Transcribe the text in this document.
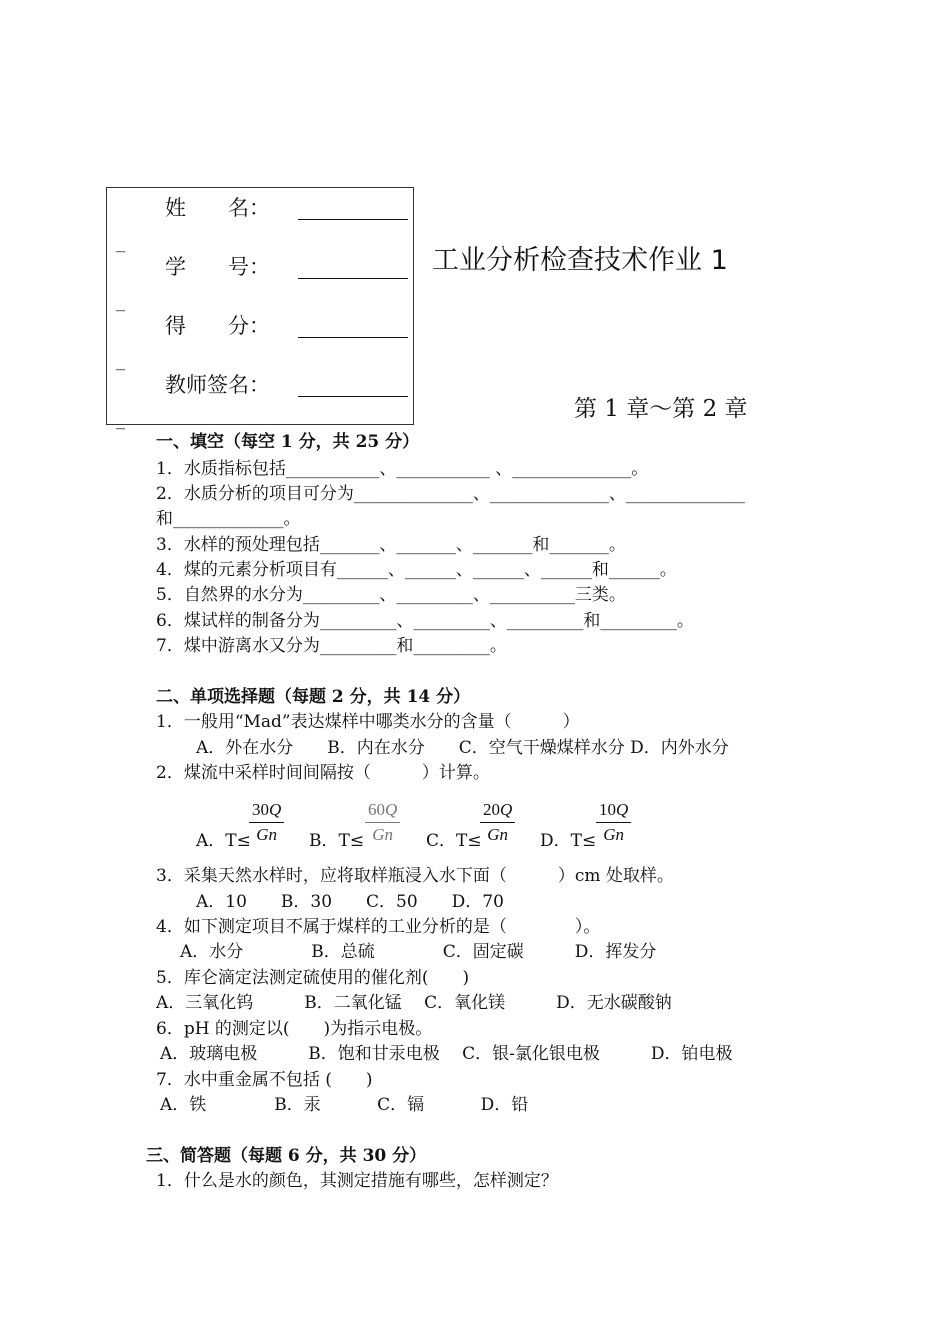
姓　　名：
学　　号：
得　　分：
教师签名：
_
_
_
_
工业分析检查技术作业 1
第 1 章～第 2 章
一、填空（每空 1 分，共 25 分）
1．水质指标包括___________、___________ 、______________。
2．水质分析的项目可分为______________、______________、______________
和_____________。
3．水样的预处理包括_______、_______、_______和_______。
4．煤的元素分析项目有______、______、______、______和______。
5．自然界的水分为_________、_________、__________三类。
6．煤试样的制备分为_________、_________、_________和_________。
7．煤中游离水又分为_________和_________。
二、单项选择题（每题 2 分，共 14 分）
1．一般用“Mad”表达煤样中哪类水分的含量（　　　）
A．外在水分　　B．内在水分　　C．空气干燥煤样水分 D．内外水分
2．煤流中采样时间间隔按（　　　）计算。
A．T≤
$\frac{30Q}{Gn}$ B．$T\le \frac{60Q}{Gn}$ C．T≤
$\frac{20Q}{Gn}$ D．$T\le \frac{10Q}{Gn}$
3．采集天然水样时，应将取样瓶浸入水下面（　　　）cm 处取样。
A．10　　B．30　　C．50　　D．70
4．如下测定项目不属于煤样的工业分析的是（　　　　）。
A．水分　　　　B．总硫　　　　C．固定碳　　　D．挥发分
5．库仑滴定法测定硫使用的催化剂(　　)
A．三氧化钨　　　B．二氧化锰　 C．氧化镁　　　D．无水碳酸钠
6．pH 的测定以(　　)为指示电极。
A．玻璃电极　　　B．饱和甘汞电极　 C．银-氯化银电极　　　D．铂电极
7．水中重金属不包括 (　　)
A．铁　　　　B．汞　　　 C．镉　　　 D．铅
三、简答题（每题 6 分，共 30 分）
1．什么是水的颜色，其测定措施有哪些，怎样测定？
